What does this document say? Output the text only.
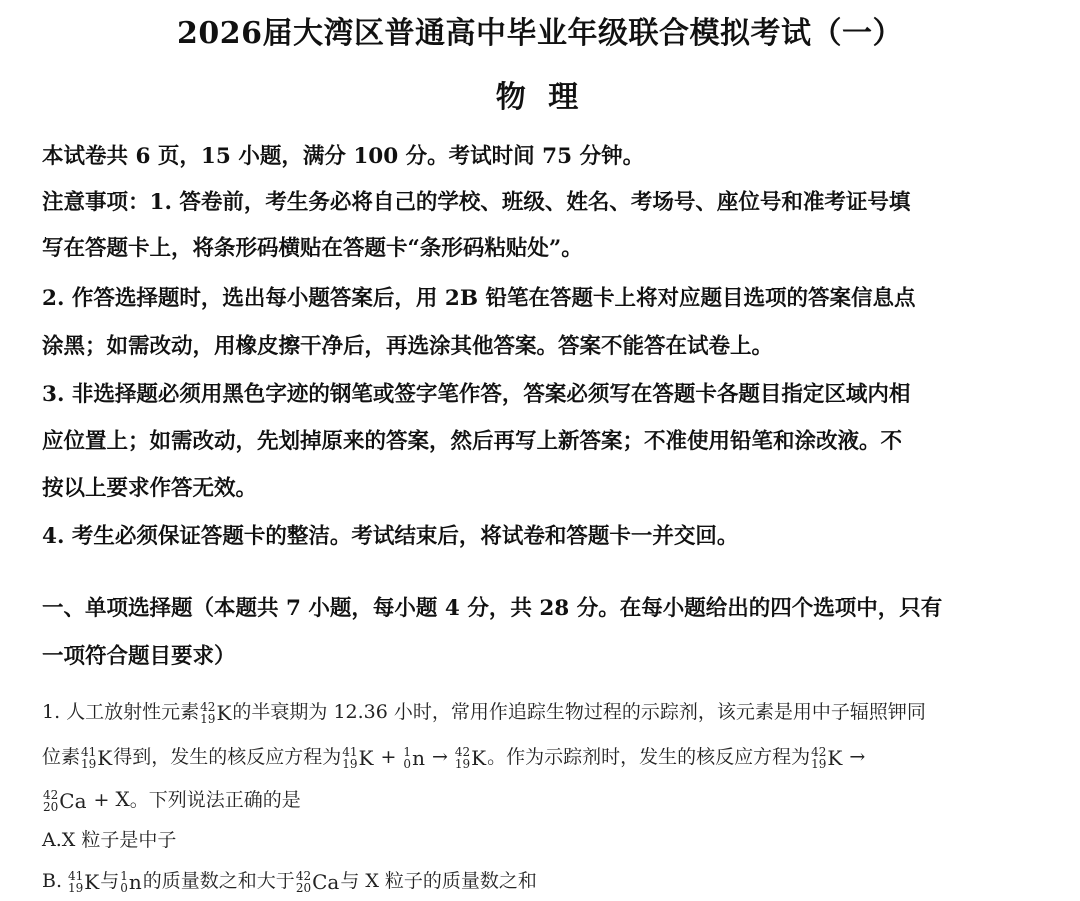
2026届大湾区普通高中毕业年级联合模拟考试（一）
物 理
本试卷共 6 页，15 小题，满分 100 分。考试时间 75 分钟。
注意事项：1. 答卷前，考生务必将自己的学校、班级、姓名、考场号、座位号和准考证号填
写在答题卡上，将条形码横贴在答题卡“条形码粘贴处”。
2. 作答选择题时，选出每小题答案后，用 2B 铅笔在答题卡上将对应题目选项的答案信息点
涂黑；如需改动，用橡皮擦干净后，再选涂其他答案。答案不能答在试卷上。
3. 非选择题必须用黑色字迹的钢笔或签字笔作答，答案必须写在答题卡各题目指定区域内相
应位置上；如需改动，先划掉原来的答案，然后再写上新答案；不准使用铅笔和涂改液。不
按以上要求作答无效。
4. 考生必须保证答题卡的整洁。考试结束后，将试卷和答题卡一并交回。
一、单项选择题（本题共 7 小题，每小题 4 分，共 28 分。在每小题给出的四个选项中，只有
一项符合题目要求）
1. 人工放射性元素 42
19 K 的半衰期为 12.36 小时，常用作追踪生物过程的示踪剂，该元素是用中子辐照钾同
位素 41
19 K 得到，发生的核反应方程为 41
19 K + 1
0 n → 42
19 K 。作为示踪剂时，发生的核反应方程为 42
19 K →
42
20 Ca + X。下列说法正确的是
A.X 粒子是中子
B. 41
19 K 与 1
0 n 的质量数之和大于 42
20 Ca 与 X 粒子的质量数之和
